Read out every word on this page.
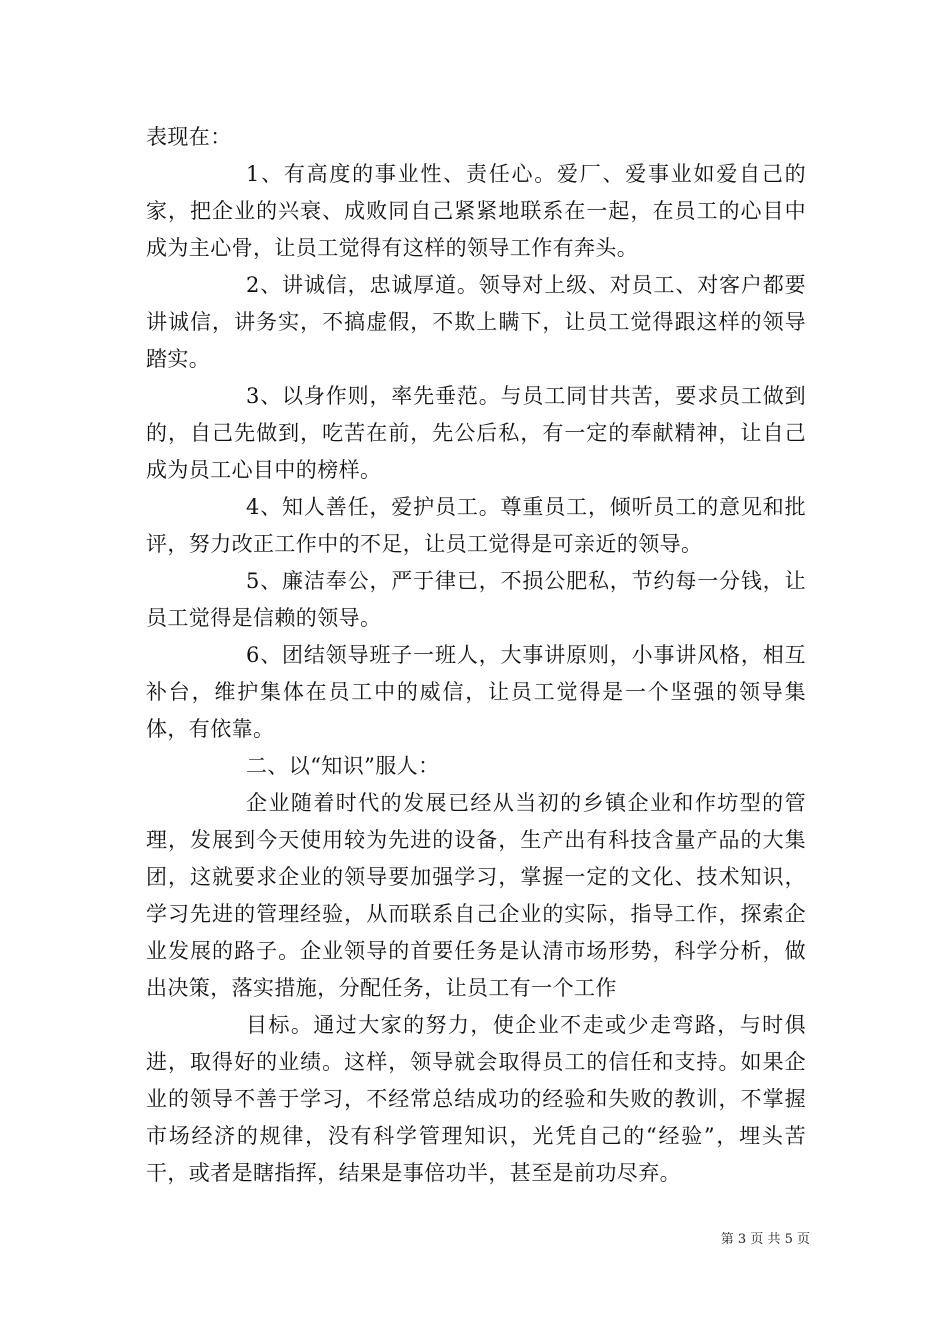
表现在：

1、有高度的事业性、责任心。爱厂、爱事业如爱自己的家，把企业的兴衰、成败同自己紧紧地联系在一起，在员工的心目中成为主心骨，让员工觉得有这样的领导工作有奔头。

2、讲诚信，忠诚厚道。领导对上级、对员工、对客户都要讲诚信，讲务实，不搞虚假，不欺上瞒下，让员工觉得跟这样的领导踏实。

3、以身作则，率先垂范。与员工同甘共苦，要求员工做到的，自己先做到，吃苦在前，先公后私，有一定的奉献精神，让自己成为员工心目中的榜样。

4、知人善任，爱护员工。尊重员工，倾听员工的意见和批评，努力改正工作中的不足，让员工觉得是可亲近的领导。

5、廉洁奉公，严于律已，不损公肥私，节约每一分钱，让员工觉得是信赖的领导。

6、团结领导班子一班人，大事讲原则，小事讲风格，相互补台，维护集体在员工中的威信，让员工觉得是一个坚强的领导集体，有依靠。

二、以“知识”服人：

企业随着时代的发展已经从当初的乡镇企业和作坊型的管理，发展到今天使用较为先进的设备，生产出有科技含量产品的大集团，这就要求企业的领导要加强学习，掌握一定的文化、技术知识，学习先进的管理经验，从而联系自己企业的实际，指导工作，探索企业发展的路子。企业领导的首要任务是认清市场形势，科学分析，做出决策，落实措施，分配任务，让员工有一个工作

目标。通过大家的努力，使企业不走或少走弯路，与时俱进，取得好的业绩。这样，领导就会取得员工的信任和支持。如果企业的领导不善于学习，不经常总结成功的经验和失败的教训，不掌握市场经济的规律，没有科学管理知识，光凭自己的“经验”，埋头苦干，或者是瞎指挥，结果是事倍功半，甚至是前功尽弃。

第 3 页 共 5 页
